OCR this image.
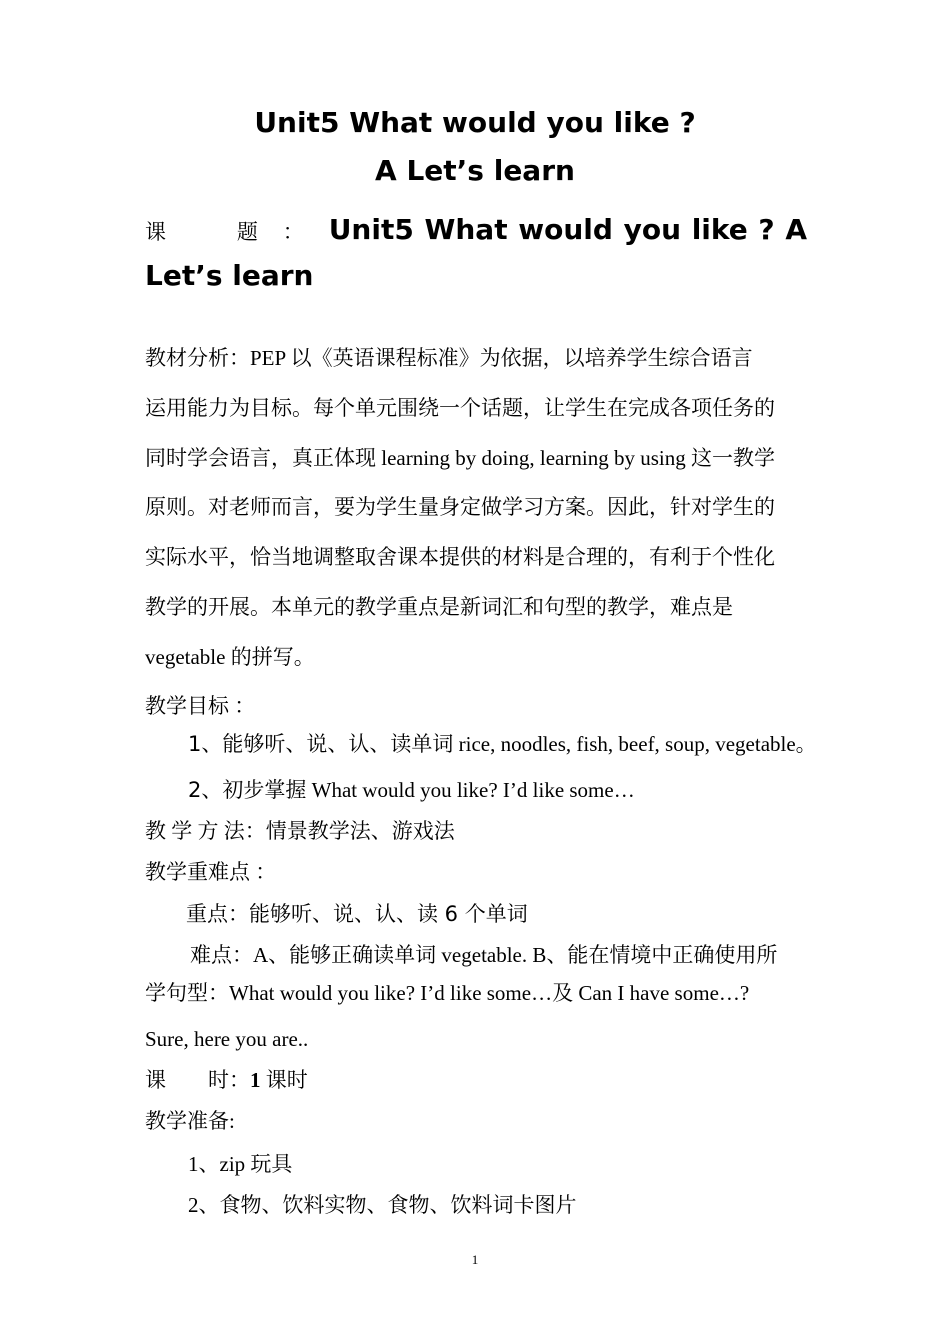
Unit5 What would you like ?
A Let’s learn
课　题：Unit5 What would you like ? A Let’s learn
教材分析：PEP 以《英语课程标准》为依据，以培养学生综合语言
运用能力为目标。每个单元围绕一个话题，让学生在完成各项任务的
同时学会语言，真正体现 learning by doing, learning by using 这一教学
原则。对老师而言，要为学生量身定做学习方案。因此，针对学生的
实际水平，恰当地调整取舍课本提供的材料是合理的，有利于个性化
教学的开展。本单元的教学重点是新词汇和句型的教学，难点是
vegetable 的拼写。
教学目标 ：
1、能够听、说、认、读单词 rice, noodles, fish, beef, soup, vegetable。
2、初步掌握 What would you like? I’d like some…
教 学 方 法：情景教学法、游戏法
教学重难点 ：
重点：能够听、说、认、读 6 个单词
难点：A、能够正确读单词 vegetable. B、能在情境中正确使用所
学句型：What would you like? I’d like some…及 Can I have some…?
Sure, here you are..
课　　时：1 课时
教学准备:
1、zip 玩具
2、食物、饮料实物、食物、饮料词卡图片
1
